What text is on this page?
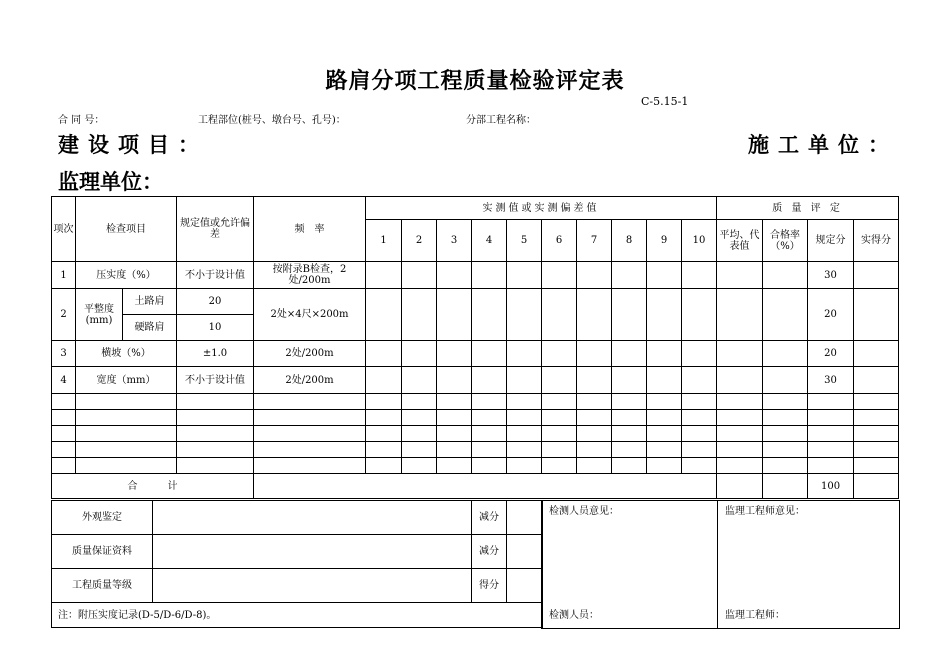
路肩分项工程质量检验评定表
C-5.15-1
合 同 号：	工程部位(桩号、墩台号、孔号)：	分部工程名称：
建设项目：	施工单位：
监理单位：
项次	检查项目		规定值或允许偏差	频　率	实测值或实测偏差值										质 量 评 定			
					1	2	3	4	5	6	7	8	9	10	平均、代表值	合格率（%）	规定分	实得分
1	压实度（%）		不小于设计值	按附录B检查，2处/200m													30	
2	平整度(mm)	土路肩	20	2处×4尺×200m													20	
		硬路肩	10															
3	横坡（%）		±1.0	2处/200m													20	
4	宽度（mm）		不小于设计值	2处/200m													30	

合　　　计																	100	
外观鉴定		减分	
质量保证资料		减分	
工程质量等级		得分	
注：附压实度记录(D-5/D-6/D-8)。			
检测人员意见：
检测人员：

监理工程师意见：
监理工程师：
